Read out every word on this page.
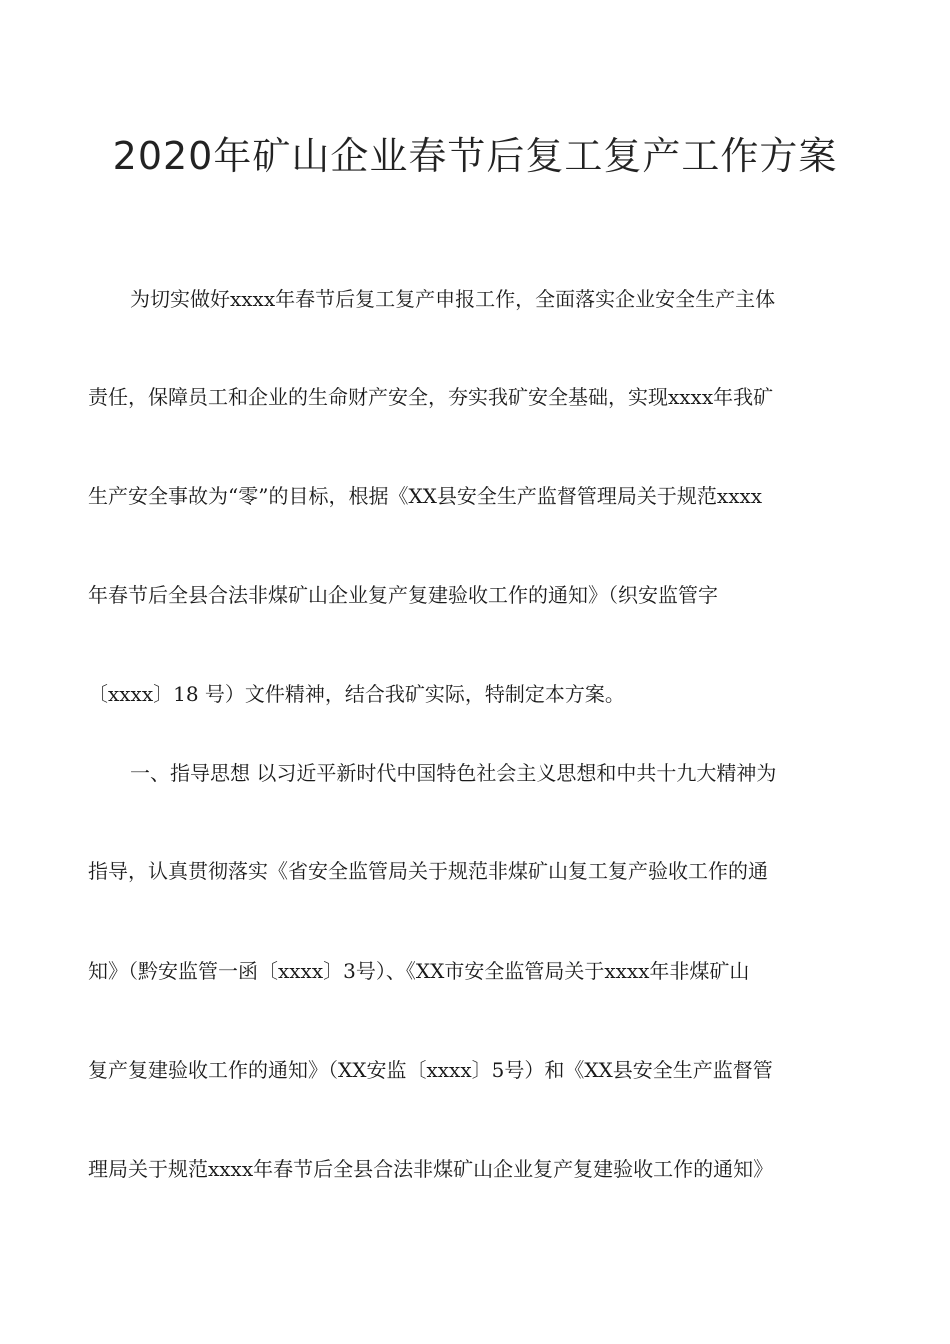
2020年矿山企业春节后复工复产工作方案
为切实做好xxxx年春节后复工复产申报工作，全面落实企业安全生产主体
责任，保障员工和企业的生命财产安全，夯实我矿安全基础，实现xxxx年我矿
生产安全事故为“零”的目标，根据《XX县安全生产监督管理局关于规范xxxx
年春节后全县合法非煤矿山企业复产复建验收工作的通知》（织安监管字
〔xxxx〕18 号）文件精神，结合我矿实际，特制定本方案。
一、指导思想 以习近平新时代中国特色社会主义思想和中共十九大精神为
指导，认真贯彻落实《省安全监管局关于规范非煤矿山复工复产验收工作的通
知》（黔安监管一函〔xxxx〕3号）、《XX市安全监管局关于xxxx年非煤矿山
复产复建验收工作的通知》（XX安监〔xxxx〕5号）和《XX县安全生产监督管
理局关于规范xxxx年春节后全县合法非煤矿山企业复产复建验收工作的通知》
